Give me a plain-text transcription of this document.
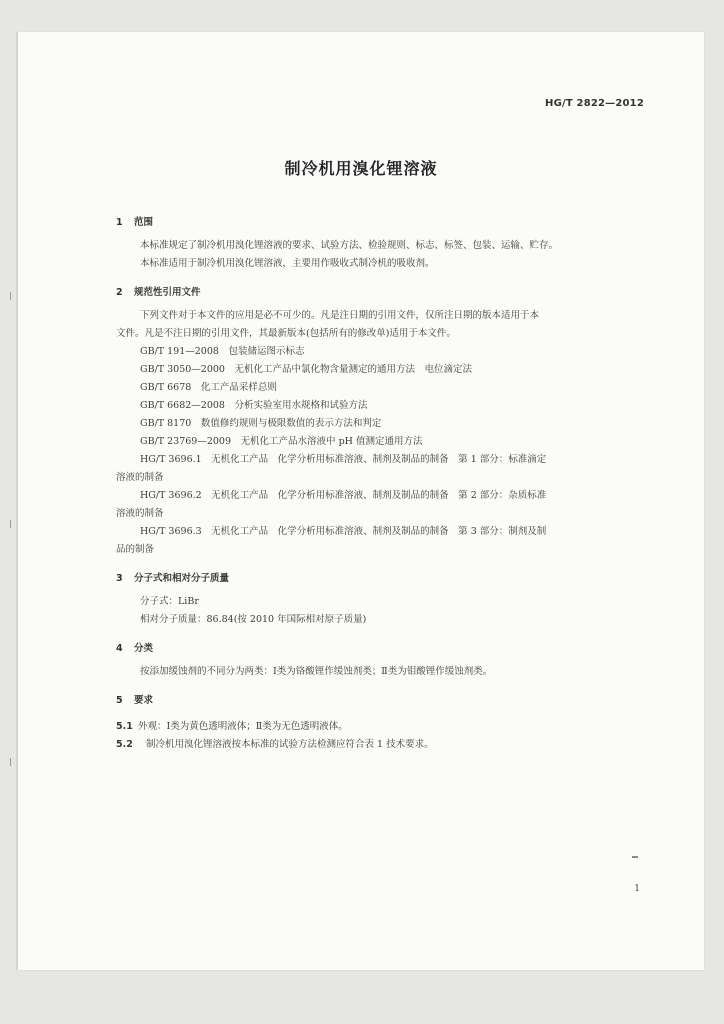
HG/T 2822—2012
制冷机用溴化锂溶液
1 范围
本标准规定了制冷机用溴化锂溶液的要求、试验方法、检验规则、标志、标签、包装、运输、贮存。
本标准适用于制冷机用溴化锂溶液，主要用作吸收式制冷机的吸收剂。
2 规范性引用文件
下列文件对于本文件的应用是必不可少的。凡是注日期的引用文件，仅所注日期的版本适用于本
文件。凡是不注日期的引用文件，其最新版本(包括所有的修改单)适用于本文件。
GB/T 191—2008　 包装储运图示标志
GB/T 3050—2000　 无机化工产品中氯化物含量测定的通用方法　电位滴定法
GB/T 6678　 化工产品采样总则
GB/T 6682—2008　 分析实验室用水规格和试验方法
GB/T 8170　 数值修约规则与极限数值的表示方法和判定
GB/T 23769—2009　 无机化工产品水溶液中 pH 值测定通用方法
HG/T 3696.1　无机化工产品　化学分析用标准溶液、制剂及制品的制备　第 1 部分：标准滴定
溶液的制备
HG/T 3696.2　无机化工产品　化学分析用标准溶液、制剂及制品的制备　第 2 部分：杂质标准
溶液的制备
HG/T 3696.3　无机化工产品　化学分析用标准溶液、制剂及制品的制备　第 3 部分：制剂及制
品的制备
3 分子式和相对分子质量
分子式：LiBr
相对分子质量：86.84(按 2010 年国际相对原子质量)
4 分类
按添加缓蚀剂的不同分为两类：Ⅰ类为铬酸锂作缓蚀剂类；Ⅱ类为钼酸锂作缓蚀剂类。
5 要求
5.1 外观：Ⅰ类为黄色透明液体；Ⅱ类为无色透明液体。
5.2 制冷机用溴化锂溶液按本标准的试验方法检测应符合表 1 技术要求。
1
